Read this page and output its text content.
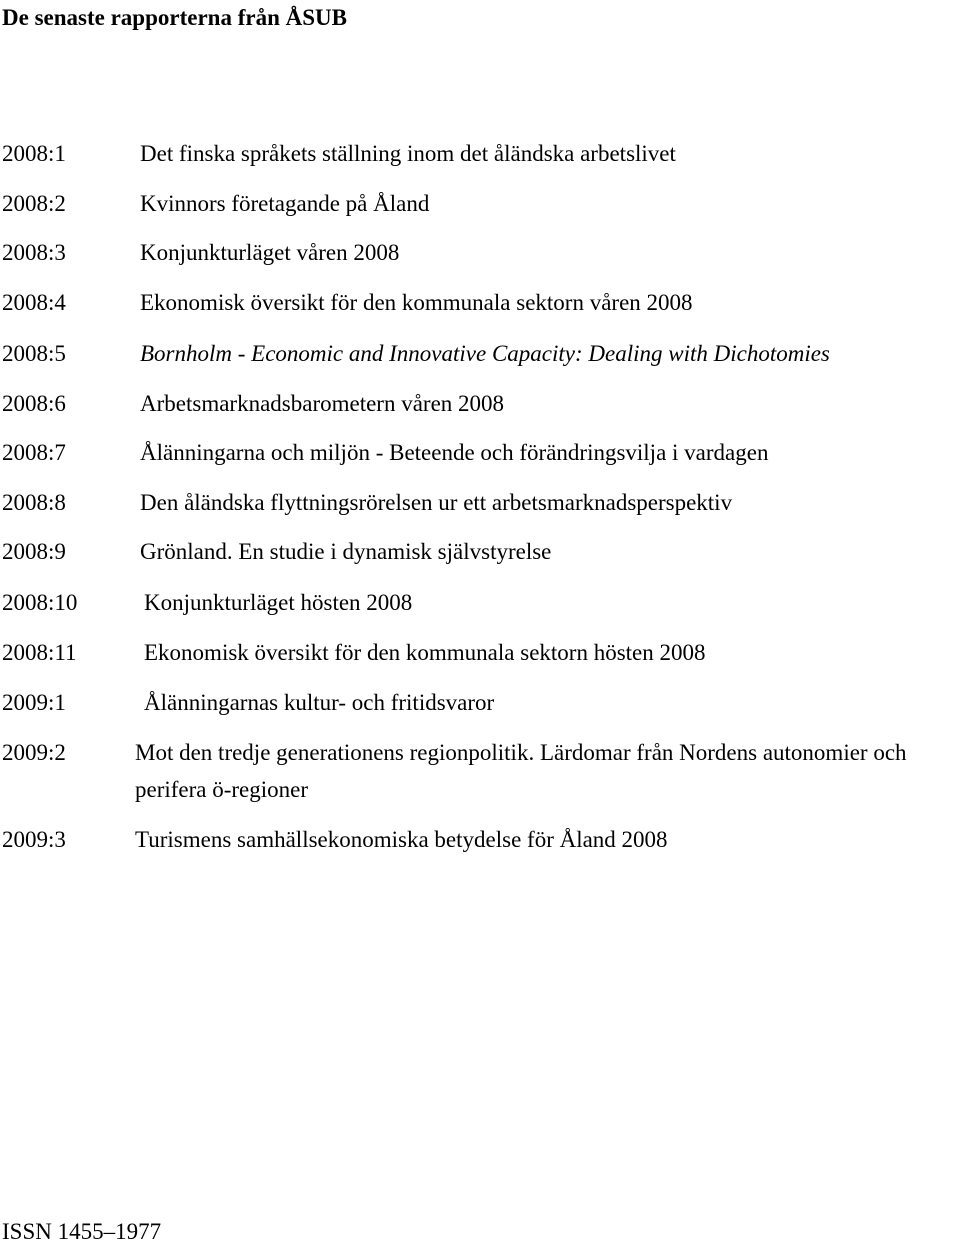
De senaste rapporterna från ÅSUB
2008:1	Det finska språkets ställning inom det åländska arbetslivet
2008:2	Kvinnors företagande på Åland
2008:3	Konjunkturläget våren 2008
2008:4	Ekonomisk översikt för den kommunala sektorn våren 2008
2008:5	Bornholm - Economic and Innovative Capacity: Dealing with Dichotomies
2008:6	Arbetsmarknadsbarometern våren 2008
2008:7	Ålänningarna och miljön - Beteende och förändringsvilja i vardagen
2008:8	Den åländska flyttningsrörelsen ur ett arbetsmarknadsperspektiv
2008:9	Grönland. En studie i dynamisk självstyrelse
2008:10	Konjunkturläget hösten 2008
2008:11	Ekonomisk översikt för den kommunala sektorn hösten 2008
2009:1	Ålänningarnas kultur- och fritidsvaror
2009:2	Mot den tredje generationens regionpolitik. Lärdomar från Nordens autonomier och perifera ö-regioner
2009:3	Turismens samhällsekonomiska betydelse för Åland 2008
ISSN 1455–1977
